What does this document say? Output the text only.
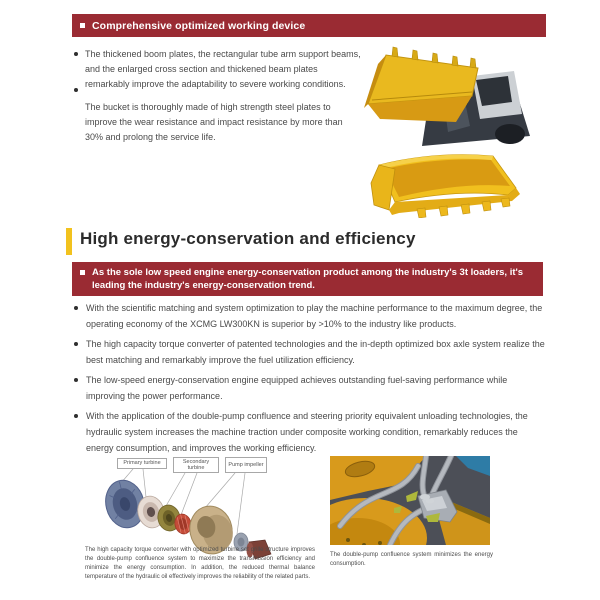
Comprehensive optimized working device
The thickened boom plates, the rectangular tube arm support beams, and the enlarged cross section and thickened beam plates remarkably improve the adaptability to severe working conditions.
The bucket is thoroughly made of high strength steel plates to improve the wear resistance and impact resistance by more than 30% and prolong the service life.
High energy-conservation and efficiency
As the sole low speed engine energy-conservation product among the industry's 3t loaders, it's leading the industry's energy-conservation trend.
With the scientific matching and system optimization to play the machine performance to the maximum degree, the operating economy of the XCMG LW300KN is superior by >10% to the industry like products.
The high capacity torque converter of patented technologies and the in-depth optimized box axle system realize the best matching and remarkably improve the fuel utilization efficiency.
The low-speed energy-conservation engine equipped achieves outstanding fuel-saving performance while improving the power performance.
With the application of the double-pump confluence and steering priority equivalent unloading technologies, the hydraulic system increases the machine traction under composite working condition, remarkably reduces the energy consumption, and improves the working efficiency.
Primary turbine	Secondary turbine
Pump impeller
The high capacity torque converter with optimized turbine set grille structure improves the double-pump confluence system to maximize the transmission efficiency and minimize the energy consumption. In addition, the reduced thermal balance temperature of the hydraulic oil effectively improves the reliability of the related parts.
The double-pump confluence system minimizes the energy consumption.
